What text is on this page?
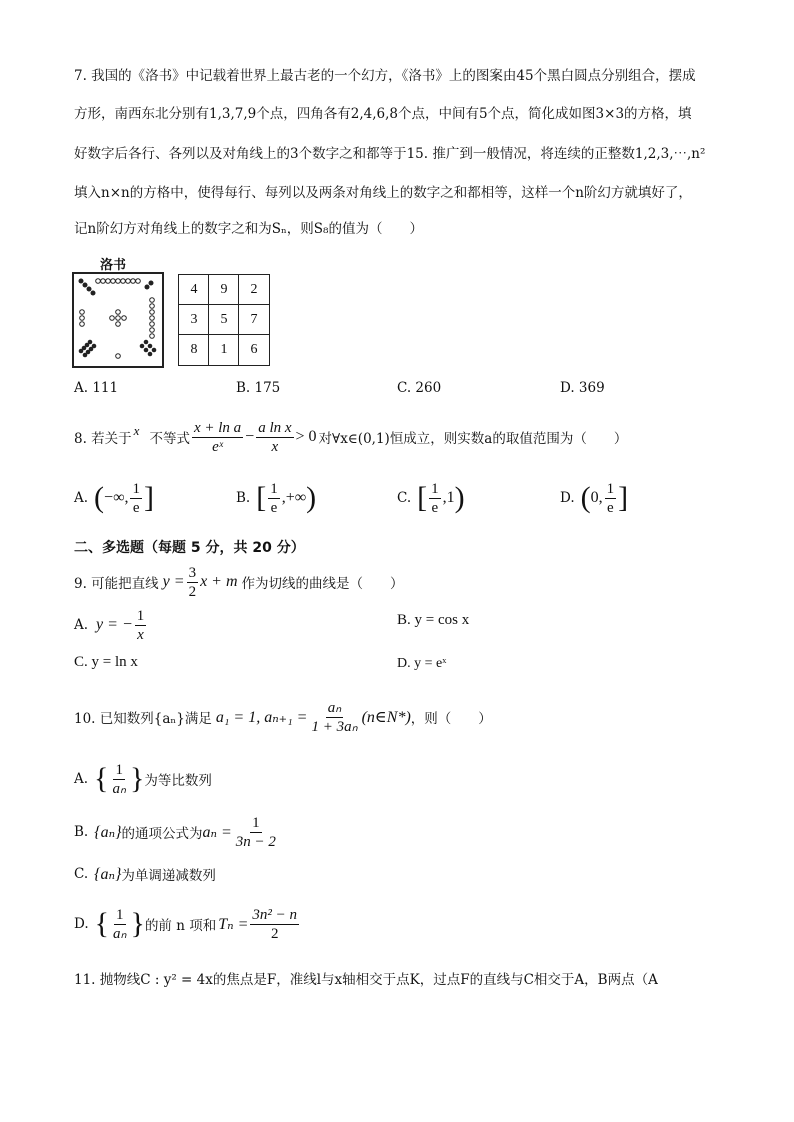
7. 我国的《洛书》中记载着世界上最古老的一个幻方，《洛书》上的图案由45个黑白圆点分别组合，摆成
方形，南西东北分别有1,3,7,9个点，四角各有2,4,6,8个点，中间有5个点，简化成如图3×3的方格，填
好数字后各行、各列以及对角线上的3个数字之和都等于15. 推广到一般情况，将连续的正整数1,2,3,⋯,n²
填入n×n的方格中，使得每行、每列以及两条对角线上的数字之和都相等，这样一个n阶幻方就填好了，
记n阶幻方对角线上的数字之和为Sₙ，则S₈的值为（　　）
洛书
4	9	2
3	5	7
8	1	6
A. 111	B. 175	C. 260	D. 369
8. 若关于
x
不等式 $\frac{\text{x + ln a}}{\text{eˣ}} - \frac{\text{a ln x}}{x} > 0$ 对∀x∈(0,1) 恒成立，则实数a的取值范围为（　　）
A. ( −∞, $\frac{1}{e}$ ]	B. [ $\frac{1}{e}$ ,+∞ )	C. [ $\frac{1}{e} ,1$ )	D. ( 0, $\frac{1}{e}$ ]
二、多选题（每题 5 分，共 20 分）
9. 可能把直线 $y = \frac{3}{2}$ x + m 作为切线的曲线是（　　）
A. y = − $\frac{1}{x}$	B. y = cos x
C. y = ln x	D. y = eˣ
10. 已知数列{aₙ}满足 a₁ = 1, $a_{n+1} = \frac{\text{aₙ}}{\text{1 + 3aₙ}}$ (n∈N*) ，则（　　）
A. { $\frac{1}{\text{aₙ}}$ } 为等比数列
B. {aₙ} 的通项公式为 $a_n = \frac{1}{3n - 2}$
C. {aₙ} 为单调递减数列
D. { $\frac{1}{\text{aₙ}}$ } 的前 n 项和 $T_n = \frac{\text{3n² − n}}{2}$
11. 抛物线C : y² = 4x的焦点是F，准线l与x轴相交于点K，过点F的直线与C相交于A，B两点（A
